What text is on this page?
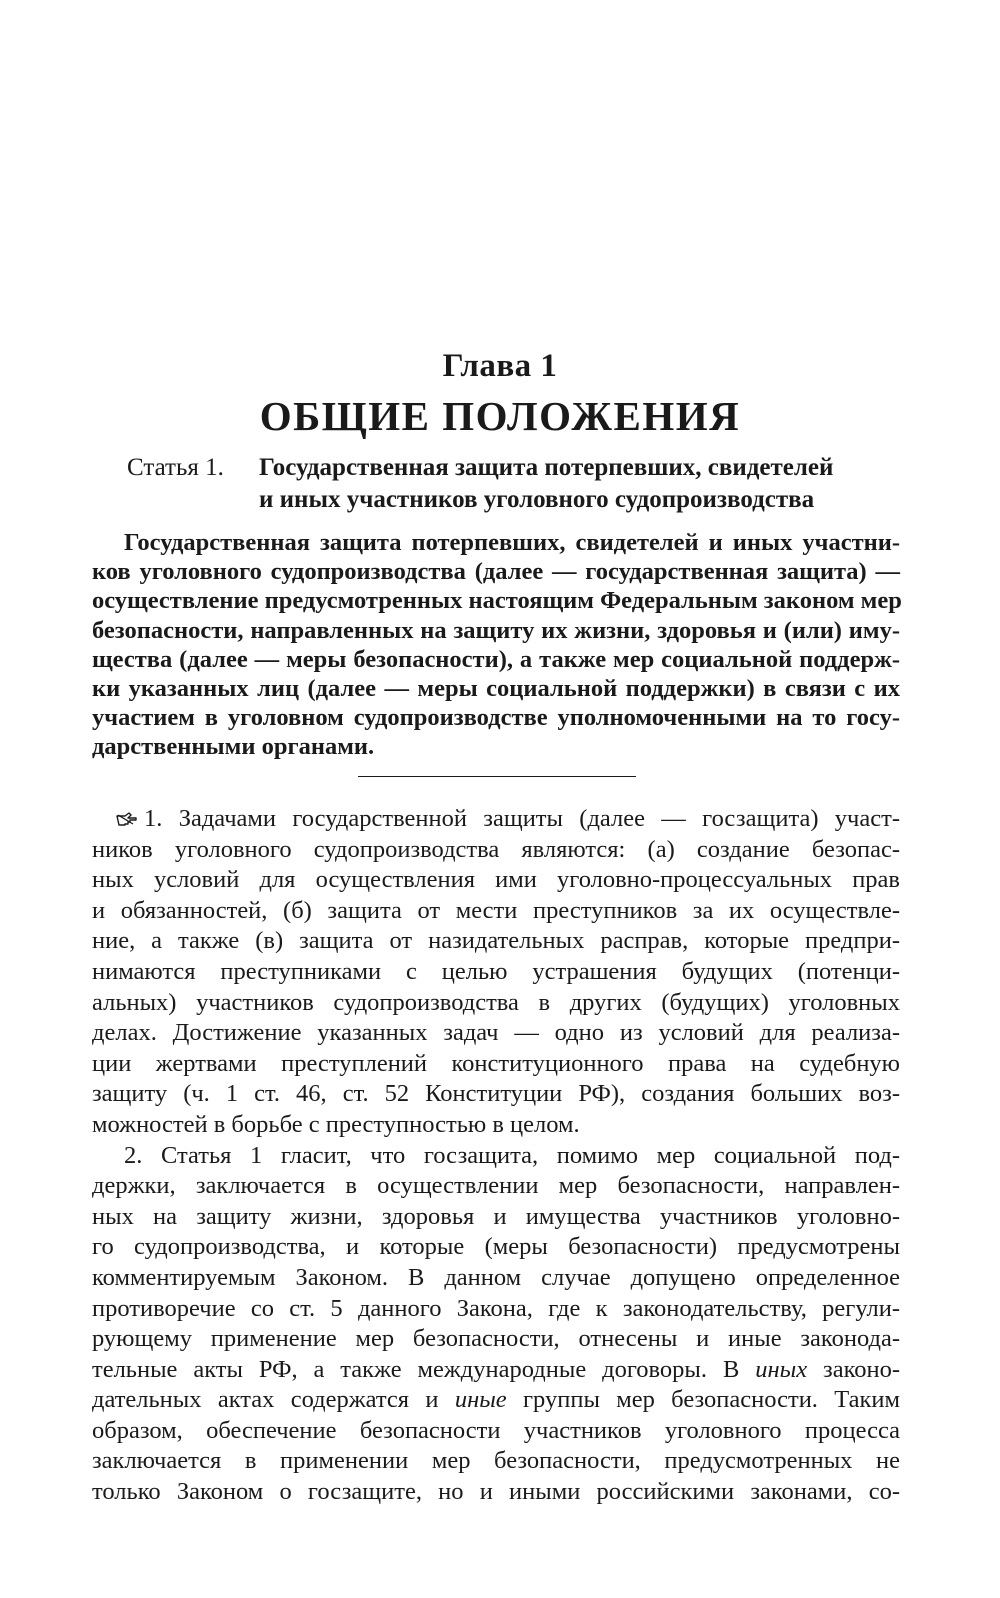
Глава 1
ОБЩИЕ ПОЛОЖЕНИЯ
Статья 1. Государственная защита потерпевших, свидетелей
и иных участников уголовного судопроизводства
Государственная защита потерпевших, свидетелей и иных участни-
ков уголовного судопроизводства (далее — государственная защита) —
осуществление предусмотренных настоящим Федеральным законом мер
безопасности, направленных на защиту их жизни, здоровья и (или) иму-
щества (далее — меры безопасности), а также мер социальной поддерж-
ки указанных лиц (далее — меры социальной поддержки) в связи с их
участием в уголовном судопроизводстве уполномоченными на то госу-
дарственными органами.
1. Задачами государственной защиты (далее — госзащита) участ-
ников уголовного судопроизводства являются: (а) создание безопас-
ных условий для осуществления ими уголовно-процессуальных прав
и обязанностей, (б) защита от мести преступников за их осуществле-
ние, а также (в) защита от назидательных расправ, которые предпри-
нимаются преступниками с целью устрашения будущих (потенци-
альных) участников судопроизводства в других (будущих) уголовных
делах. Достижение указанных задач — одно из условий для реализа-
ции жертвами преступлений конституционного права на судебную
защиту (ч. 1 ст. 46, ст. 52 Конституции РФ), создания больших воз-
можностей в борьбе с преступностью в целом.
2. Статья 1 гласит, что госзащита, помимо мер социальной под-
держки, заключается в осуществлении мер безопасности, направлен-
ных на защиту жизни, здоровья и имущества участников уголовно-
го судопроизводства, и которые (меры безопасности) предусмотрены
комментируемым Законом. В данном случае допущено определенное
противоречие со ст. 5 данного Закона, где к законодательству, регули-
рующему применение мер безопасности, отнесены и иные законода-
тельные акты РФ, а также международные договоры. В иных законо-
дательных актах содержатся и иные группы мер безопасности. Таким
образом, обеспечение безопасности участников уголовного процесса
заключается в применении мер безопасности, предусмотренных не
только Законом о госзащите, но и иными российскими законами, со-
